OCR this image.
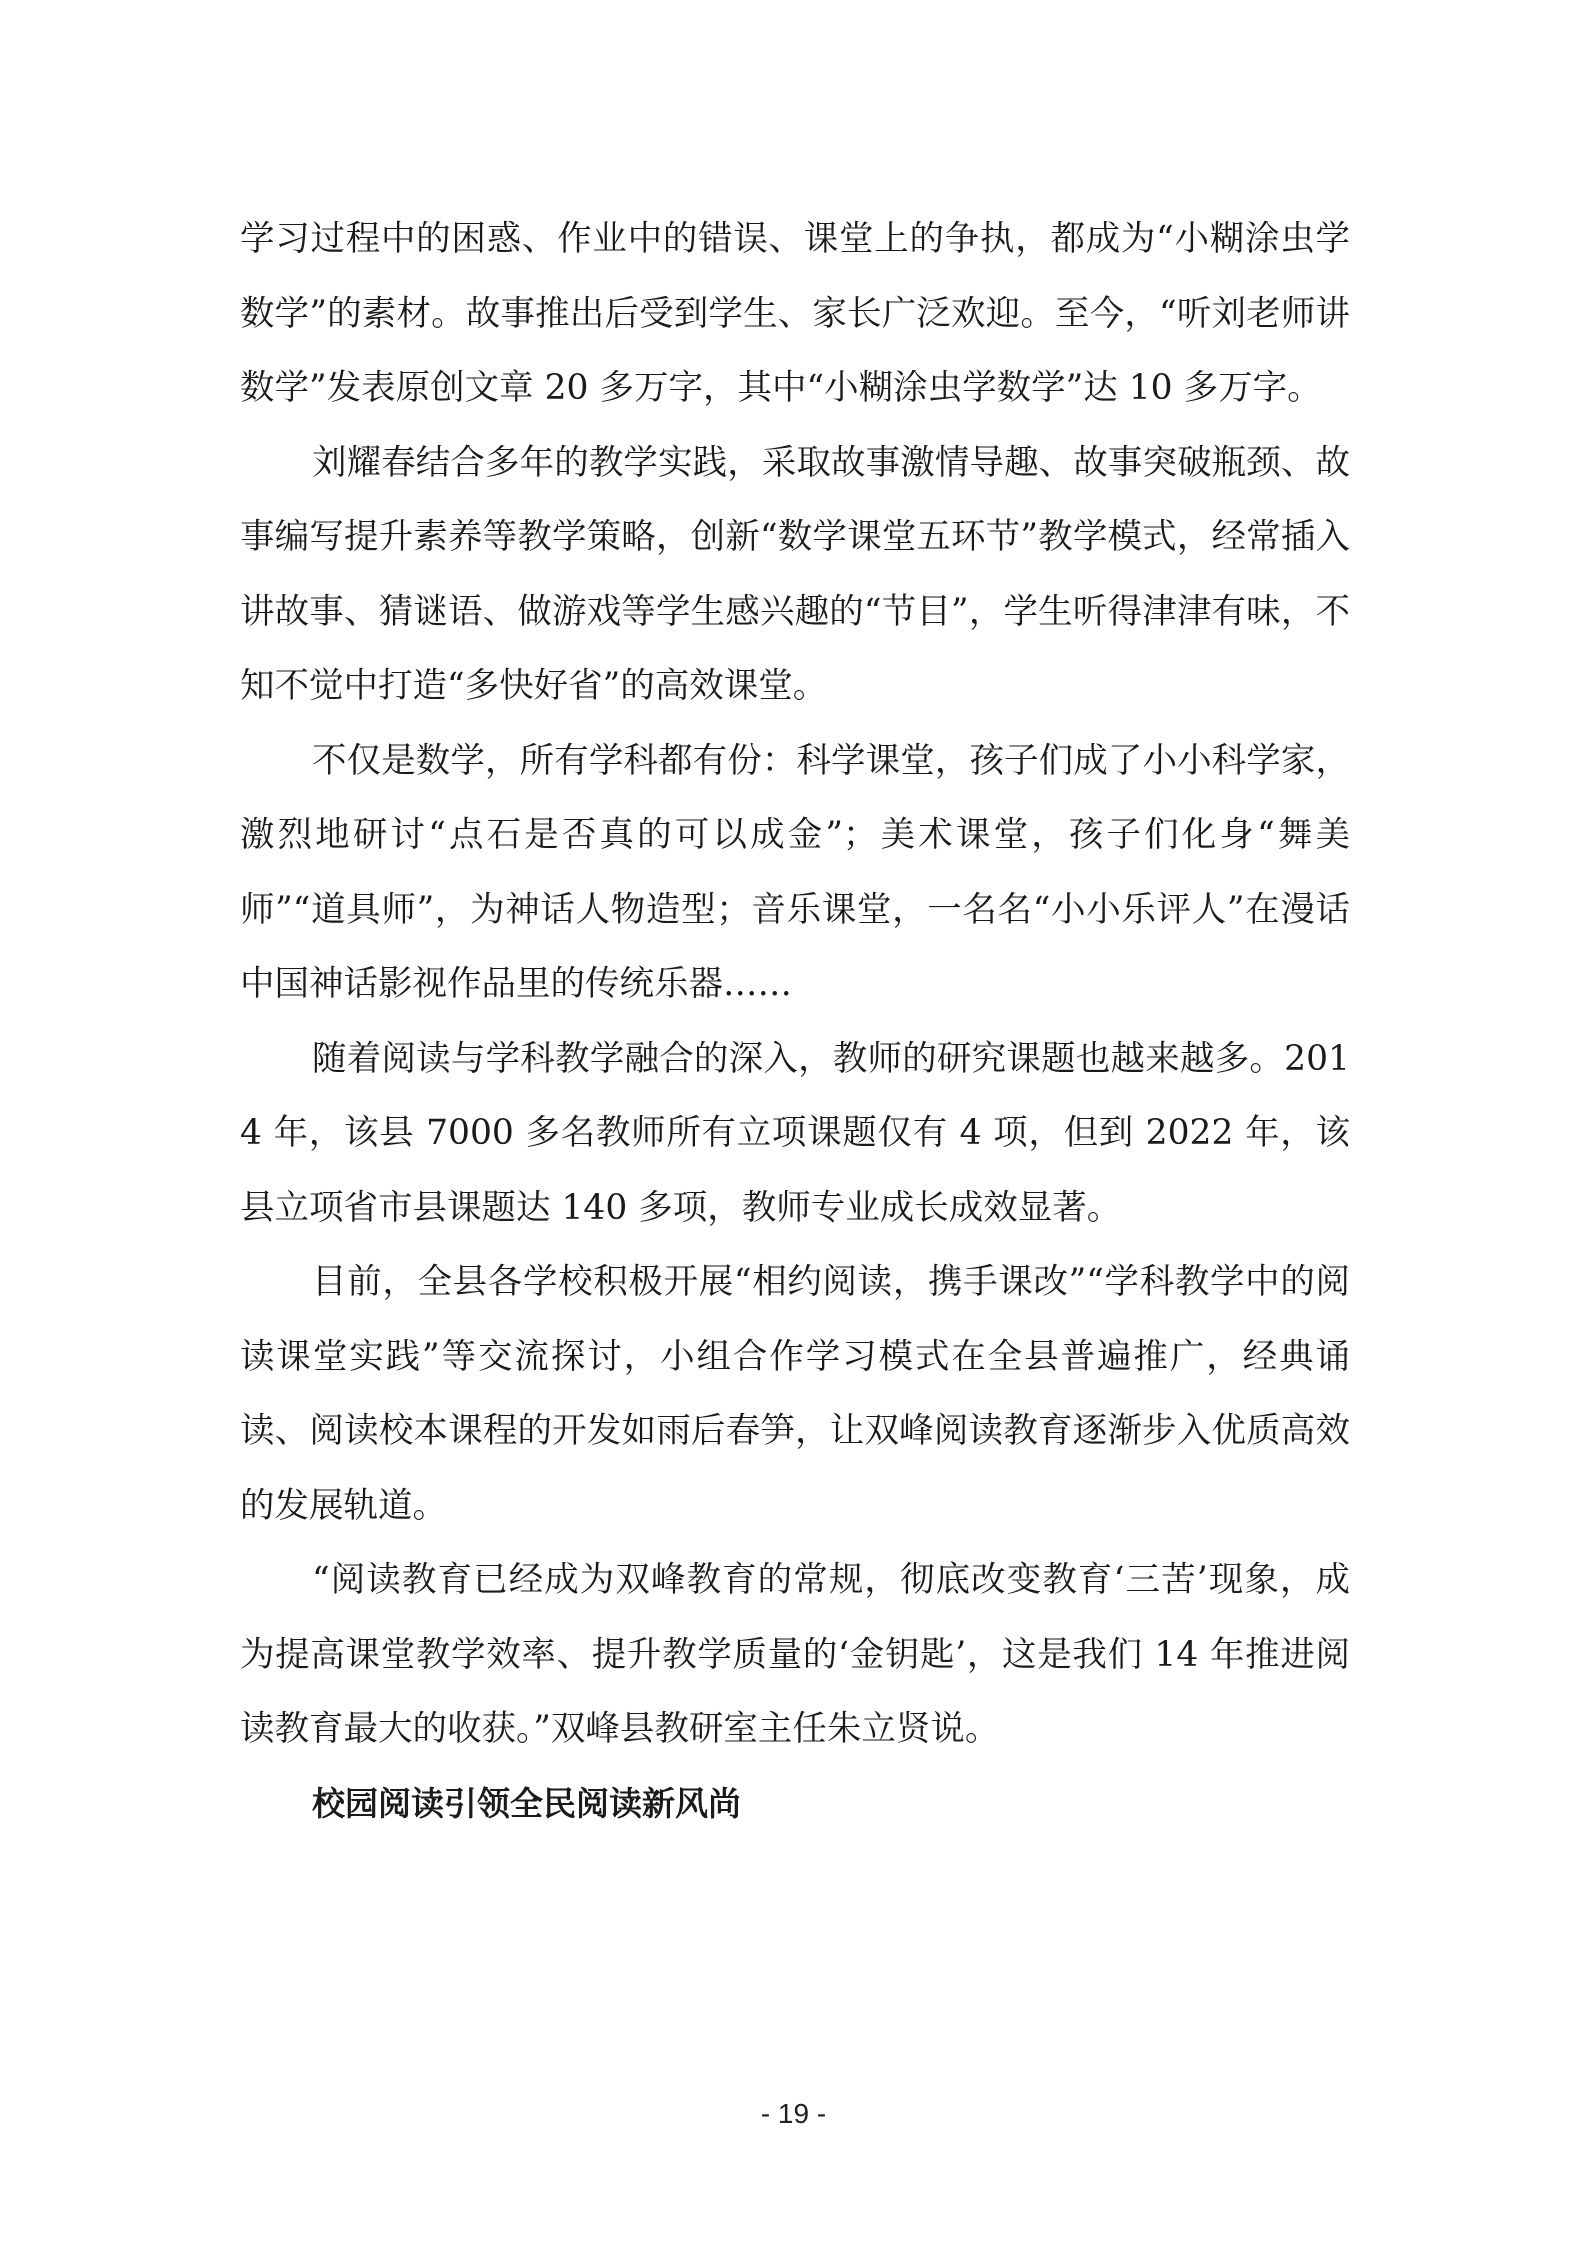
学习过程中的困惑、作业中的错误、课堂上的争执，都成为“小糊涂虫学数学”的素材。故事推出后受到学生、家长广泛欢迎。至今，“听刘老师讲数学”发表原创文章 20 多万字，其中“小糊涂虫学数学”达 10 多万字。

刘耀春结合多年的教学实践，采取故事激情导趣、故事突破瓶颈、故事编写提升素养等教学策略，创新“数学课堂五环节”教学模式，经常插入讲故事、猜谜语、做游戏等学生感兴趣的“节目”，学生听得津津有味，不知不觉中打造“多快好省”的高效课堂。

不仅是数学，所有学科都有份：科学课堂，孩子们成了小小科学家，激烈地研讨“点石是否真的可以成金”；美术课堂，孩子们化身“舞美师”“道具师”，为神话人物造型；音乐课堂，一名名“小小乐评人”在漫话中国神话影视作品里的传统乐器……

随着阅读与学科教学融合的深入，教师的研究课题也越来越多。2014 年，该县 7000 多名教师所有立项课题仅有 4 项，但到 2022 年，该县立项省市县课题达 140 多项，教师专业成长成效显著。

目前，全县各学校积极开展“相约阅读，携手课改”“学科教学中的阅读课堂实践”等交流探讨，小组合作学习模式在全县普遍推广，经典诵读、阅读校本课程的开发如雨后春笋，让双峰阅读教育逐渐步入优质高效的发展轨道。

“阅读教育已经成为双峰教育的常规，彻底改变教育‘三苦’现象，成为提高课堂教学效率、提升教学质量的‘金钥匙’，这是我们 14 年推进阅读教育最大的收获。”双峰县教研室主任朱立贤说。

校园阅读引领全民阅读新风尚

- 19 -
